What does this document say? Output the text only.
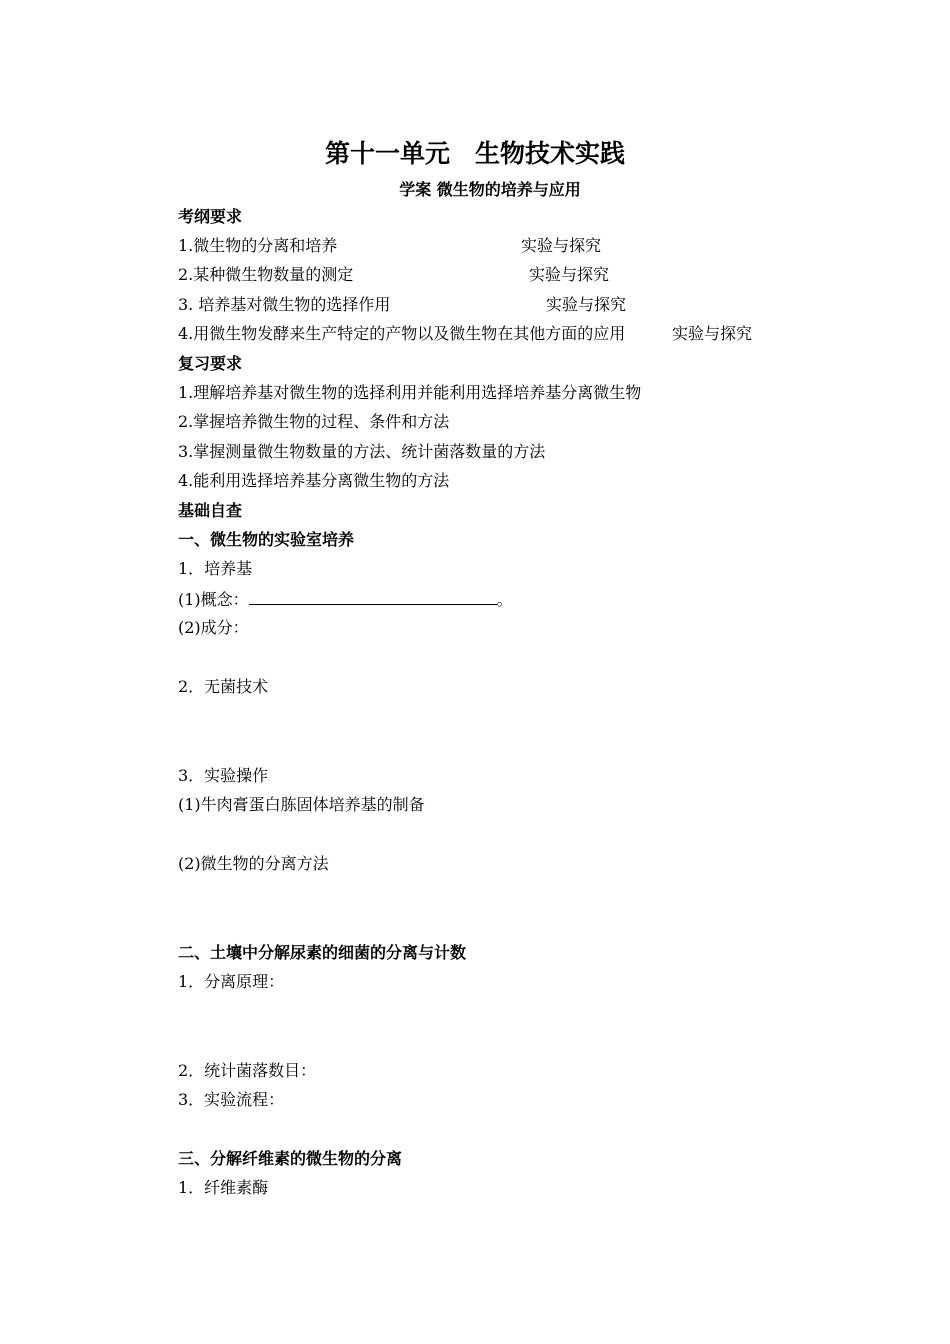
第十一单元　生物技术实践
学案 微生物的培养与应用
考纲要求
1.微生物的分离和培养	实验与探究
2.某种微生物数量的测定	实验与探究
3. 培养基对微生物的选择作用	实验与探究
4.用微生物发酵来生产特定的产物以及微生物在其他方面的应用	实验与探究
复习要求
1.理解培养基对微生物的选择利用并能利用选择培养基分离微生物
2.掌握培养微生物的过程、条件和方法
3.掌握测量微生物数量的方法、统计菌落数量的方法
4.能利用选择培养基分离微生物的方法
基础自查
一、微生物的实验室培养
1．培养基
(1)概念：	。
(2)成分：
2．无菌技术
3．实验操作
(1)牛肉膏蛋白胨固体培养基的制备
(2)微生物的分离方法
二、土壤中分解尿素的细菌的分离与计数
1．分离原理：
2．统计菌落数目：
3．实验流程：
三、分解纤维素的微生物的分离
1．纤维素酶
